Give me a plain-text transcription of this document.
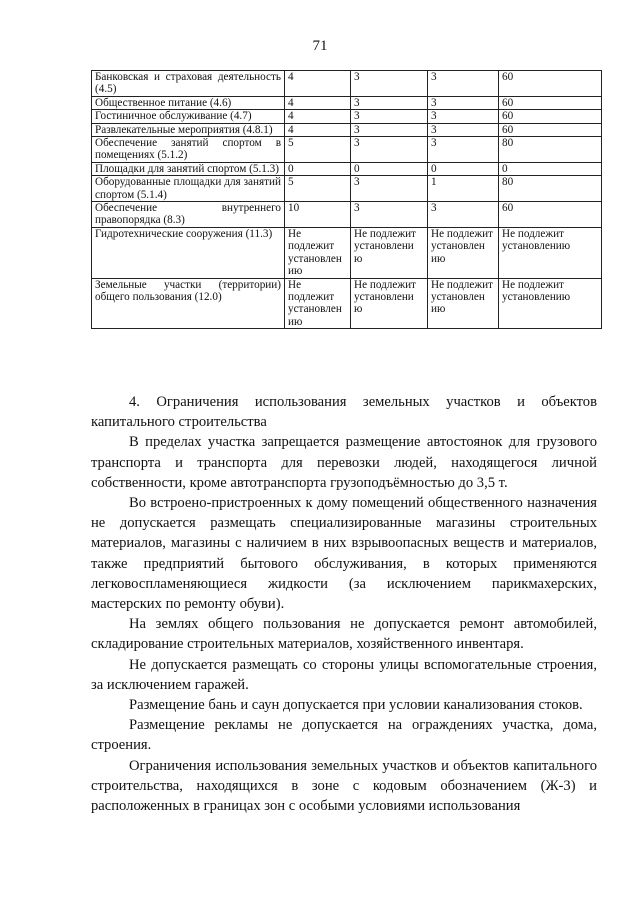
71
Банковская и страховая деятельность (4.5)	4	3	3	60
Общественное питание (4.6)	4	3	3	60
Гостиничное обслуживание (4.7)	4	3	3	60
Развлекательные мероприятия (4.8.1)	4	3	3	60
Обеспечение занятий спортом в помещениях (5.1.2)	5	3	3	80
Площадки для занятий спортом (5.1.3)	0	0	0	0
Оборудованные площадки для занятий спортом (5.1.4)	5	3	1	80
Обеспечение внутреннего правопорядка (8.3)	10	3	3	60
Гидротехнические сооружения (11.3)	Не подлежит установлен ию	Не подлежит установлени ю	Не подлежит установлен ию	Не подлежит установлению
Земельные участки (территории) общего пользования (12.0)	Не подлежит установлен ию	Не подлежит установлени ю	Не подлежит установлен ию	Не подлежит установлению

4. Ограничения использования земельных участков и объектов капитального строительства

В пределах участка запрещается размещение автостоянок для грузового транспорта и транспорта для перевозки людей, находящегося личной собственности, кроме автотранспорта грузоподъёмностью до 3,5 т.

Во встроено-пристроенных к дому помещений общественного назначения не допускается размещать специализированные магазины строительных материалов, магазины с наличием в них взрывоопасных веществ и материалов, также предприятий бытового обслуживания, в которых применяются легковоспламеняющиеся жидкости (за исключением парикмахерских, мастерских по ремонту обуви).

На землях общего пользования не допускается ремонт автомобилей, складирование строительных материалов, хозяйственного инвентаря.

Не допускается размещать со стороны улицы вспомогательные строения, за исключением гаражей.

Размещение бань и саун допускается при условии канализования стоков.

Размещение рекламы не допускается на ограждениях участка, дома, строения.

Ограничения использования земельных участков и объектов капитального строительства, находящихся в зоне с кодовым обозначением (Ж-3) и расположенных в границах зон с особыми условиями использования
